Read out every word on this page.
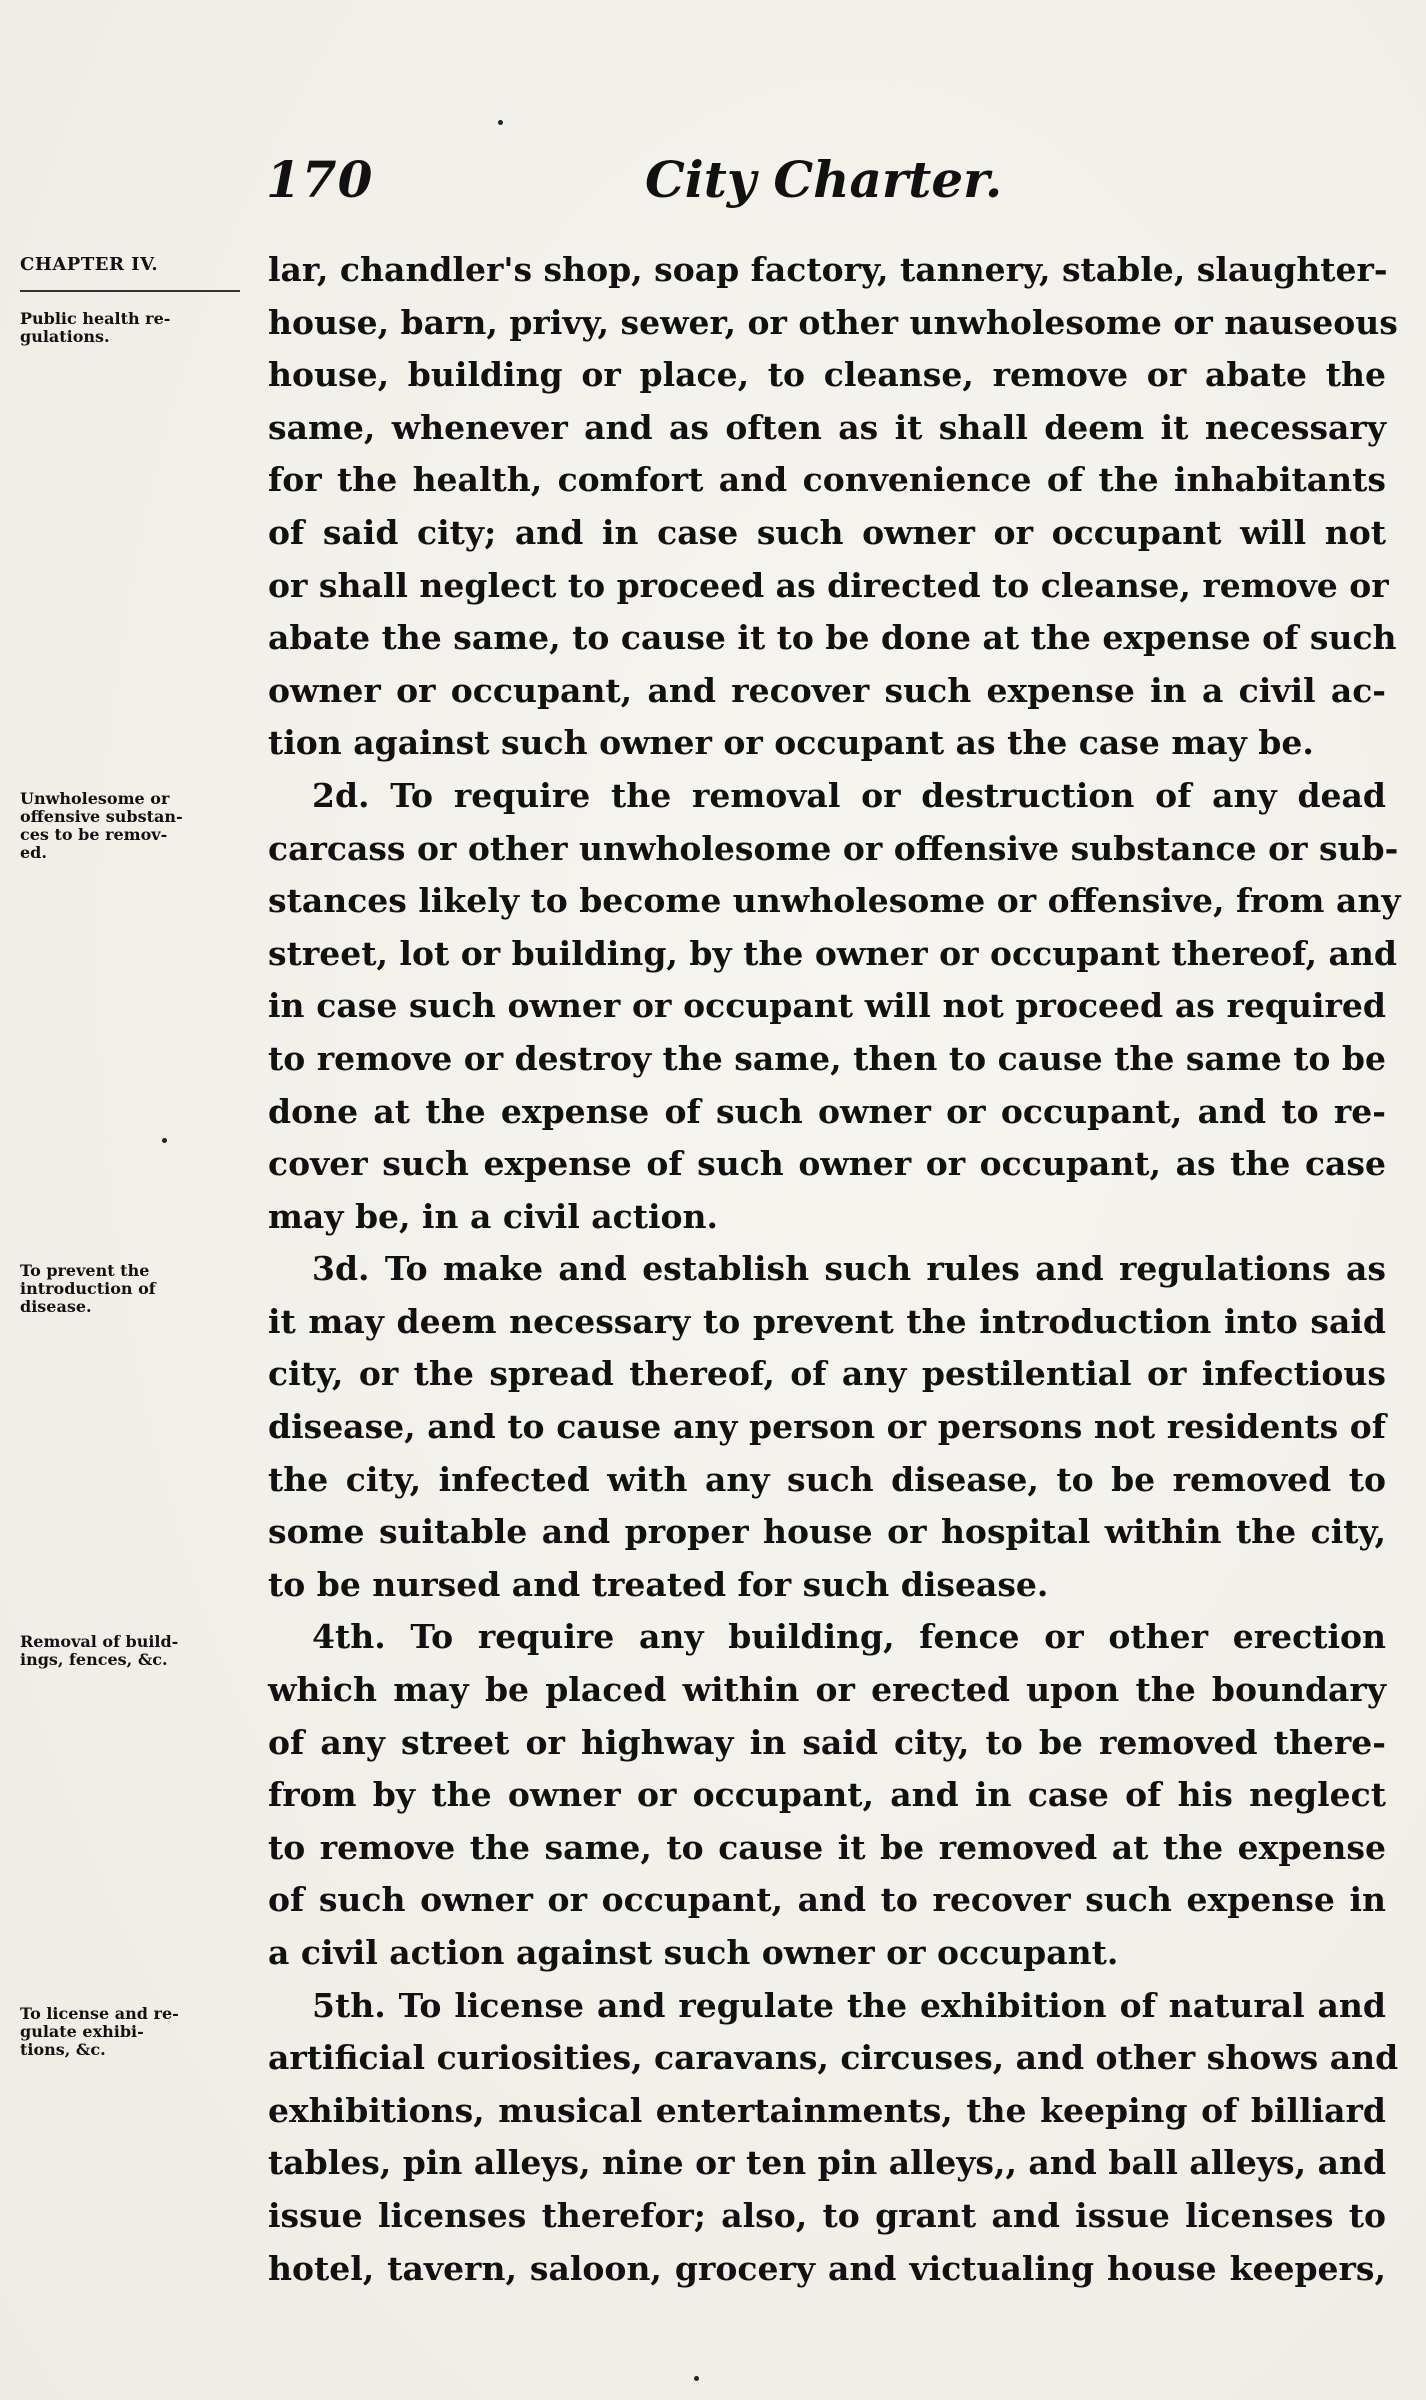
170	City Charter.
CHAPTER IV.
Public health re-
gulations.
Unwholesome or
offensive substan-
ces to be remov-
ed.
To prevent the
introduction of
disease.
Removal of build-
ings, fences, &c.
To license and re-
gulate exhibi-
tions, &c.
lar, chandler's shop, soap factory, tannery, stable, slaughter-
house, barn, privy, sewer, or other unwholesome or nauseous
house, building or place, to cleanse, remove or abate the
same, whenever and as often as it shall deem it necessary
for the health, comfort and convenience of the inhabitants
of said city; and in case such owner or occupant will not
or shall neglect to proceed as directed to cleanse, remove or
abate the same, to cause it to be done at the expense of such
owner or occupant, and recover such expense in a civil ac-
tion against such owner or occupant as the case may be.
2d. To require the removal or destruction of any dead
carcass or other unwholesome or offensive substance or sub-
stances likely to become unwholesome or offensive, from any
street, lot or building, by the owner or occupant thereof, and
in case such owner or occupant will not proceed as required
to remove or destroy the same, then to cause the same to be
done at the expense of such owner or occupant, and to re-
cover such expense of such owner or occupant, as the case
may be, in a civil action.
3d. To make and establish such rules and regulations as
it may deem necessary to prevent the introduction into said
city, or the spread thereof, of any pestilential or infectious
disease, and to cause any person or persons not residents of
the city, infected with any such disease, to be removed to
some suitable and proper house or hospital within the city,
to be nursed and treated for such disease.
4th. To require any building, fence or other erection
which may be placed within or erected upon the boundary
of any street or highway in said city, to be removed there-
from by the owner or occupant, and in case of his neglect
to remove the same, to cause it be removed at the expense
of such owner or occupant, and to recover such expense in
a civil action against such owner or occupant.
5th. To license and regulate the exhibition of natural and
artificial curiosities, caravans, circuses, and other shows and
exhibitions, musical entertainments, the keeping of billiard
tables, pin alleys, nine or ten pin alleys,, and ball alleys, and
issue licenses therefor; also, to grant and issue licenses to
hotel, tavern, saloon, grocery and victualing house keepers,
